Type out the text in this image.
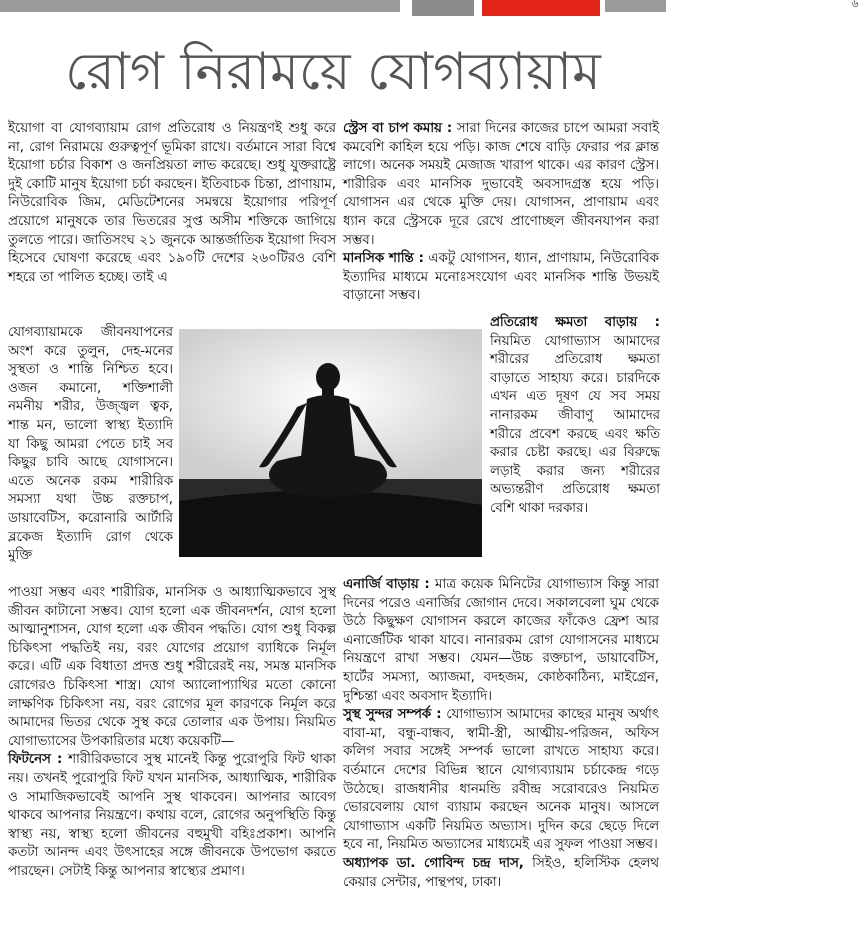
৬
রোগ নিরাময়ে যোগব্যায়াম

ইয়োগা বা যোগব্যায়াম রোগ প্রতিরোধ ও নিয়ন্ত্রণই শুধু করে না, রোগ নিরাময়ে গুরুত্বপূর্ণ ভূমিকা রাখে। বর্তমানে সারা বিশ্বে ইয়োগা চর্চার বিকাশ ও জনপ্রিয়তা লাভ করেছে। শুধু যুক্তরাষ্ট্রে দুই কোটি মানুষ ইয়োগা চর্চা করছেন। ইতিবাচক চিন্তা, প্রাণায়াম, নিউরোবিক জিম, মেডিটেশনের সমন্বয়ে ইয়োগার পরিপূর্ণ প্রয়োগে মানুষকে তার ভিতরের সুপ্ত অসীম শক্তিকে জাগিয়ে তুলতে পারে। জাতিসংঘ ২১ জুনকে আন্তর্জাতিক ইয়োগা দিবস হিসেবে ঘোষণা করেছে এবং ১৯০টি দেশের ২৬০টিরও বেশি শহরে তা পালিত হচ্ছে। তাই এ

যোগব্যায়ামকে জীবনযাপনের অংশ করে তুলুন, দেহ-মনের সুস্থতা ও শান্তি নিশ্চিত হবে। ওজন কমানো, শক্তিশালী নমনীয় শরীর, উজ্জ্বল ত্বক, শান্ত মন, ভালো স্বাস্থ্য ইত্যাদি যা কিছু আমরা পেতে চাই সব কিছুর চাবি আছে যোগাসনে। এতে অনেক রকম শারীরিক সমস্যা যথা উচ্চ রক্তচাপ, ডায়াবেটিস, করোনারি আর্টারি ব্লকেজ ইত্যাদি রোগ থেকে মুক্তি

পাওয়া সম্ভব এবং শারীরিক, মানসিক ও আধ্যাত্মিকভাবে সুস্থ জীবন কাটানো সম্ভব। যোগ হলো এক জীবনদর্শন, যোগ হলো আত্মানুশাসন, যোগ হলো এক জীবন পদ্ধতি। যোগ শুধু বিকল্প চিকিৎসা পদ্ধতিই নয়, বরং যোগের প্রয়োগ ব্যাধিকে নির্মূল করে। এটি এক বিধাতা প্রদত্ত শুধু শরীরেরই নয়, সমস্ত মানসিক রোগেরও চিকিৎসা শাস্ত্র। যোগ অ্যালোপ্যাথির মতো কোনো লাক্ষণিক চিকিৎসা নয়, বরং রোগের মূল কারণকে নির্মূল করে আমাদের ভিতর থেকে সুস্থ করে তোলার এক উপায়। নিয়মিত যোগাভ্যাসের উপকারিতার মধ্যে কয়েকটি—

ফিটনেস : শারীরিকভাবে সুস্থ মানেই কিন্তু পুরোপুরি ফিট থাকা নয়। তখনই পুরোপুরি ফিট যখন মানসিক, আধ্যাত্মিক, শারীরিক ও সামাজিকভাবেই আপনি সুস্থ থাকবেন। আপনার আবেগ থাকবে আপনার নিয়ন্ত্রণে। কথায় বলে, রোগের অনুপস্থিতি কিন্তু স্বাস্থ্য নয়, স্বাস্থ্য হলো জীবনের বহুমুখী বহিঃপ্রকাশ। আপনি কতটা আনন্দ এবং উৎসাহের সঙ্গে জীবনকে উপভোগ করতে পারছেন। সেটাই কিন্তু আপনার স্বাস্থ্যের প্রমাণ।

স্ট্রেস বা চাপ কমায় : সারা দিনের কাজের চাপে আমরা সবাই কমবেশি কাহিল হয়ে পড়ি। কাজ শেষে বাড়ি ফেরার পর ক্লান্ত লাগে। অনেক সময়ই মেজাজ খারাপ থাকে। এর কারণ স্ট্রেস। শারীরিক এবং মানসিক দুভাবেই অবসাদগ্রস্ত হয়ে পড়ি। যোগাসন এর থেকে মুক্তি দেয়। যোগাসন, প্রাণায়াম এবং ধ্যান করে স্ট্রেসকে দূরে রেখে প্রাণোচ্ছল জীবনযাপন করা সম্ভব।

মানসিক শান্তি : একটু যোগাসন, ধ্যান, প্রাণায়াম, নিউরোবিক ইত্যাদির মাধ্যমে মনোঃসংযোগ এবং মানসিক শান্তি উভয়ই বাড়ানো সম্ভব।

প্রতিরোধ ক্ষমতা বাড়ায় : নিয়মিত যোগাভ্যাস আমাদের শরীরের প্রতিরোধ ক্ষমতা বাড়াতে সাহায্য করে। চারদিকে এখন এত দূষণ যে সব সময় নানারকম জীবাণু আমাদের শরীরে প্রবেশ করছে এবং ক্ষতি করার চেষ্টা করছে। এর বিরুদ্ধে লড়াই করার জন্য শরীরের অভ্যন্তরীণ প্রতিরোধ ক্ষমতা বেশি থাকা দরকার।

এনার্জি বাড়ায় : মাত্র কয়েক মিনিটের যোগাভ্যাস কিন্তু সারা দিনের পরেও এনার্জির জোগান দেবে। সকালবেলা ঘুম থেকে উঠে কিছুক্ষণ যোগাসন করলে কাজের ফাঁকেও ফ্রেশ আর এনার্জেটিক থাকা যাবে। নানারকম রোগ যোগাসনের মাধ্যমে নিয়ন্ত্রণে রাখা সম্ভব। যেমন—উচ্চ রক্তচাপ, ডায়াবেটিস, হার্টের সমস্যা, অ্যাজমা, বদহজম, কোষ্ঠকাঠিন্য, মাইগ্রেন, দুশ্চিন্তা এবং অবসাদ ইত্যাদি।

সুস্থ সুন্দর সম্পর্ক : যোগাভ্যাস আমাদের কাছের মানুষ অর্থাৎ বাবা-মা, বন্ধু-বান্ধব, স্বামী-স্ত্রী, আত্মীয়-পরিজন, অফিস কলিগ সবার সঙ্গেই সম্পর্ক ভালো রাখতে সাহায্য করে। বর্তমানে দেশের বিভিন্ন স্থানে যোগ্যব্যায়াম চর্চাকেন্দ্র গড়ে উঠেছে। রাজধানীর ধানমন্ডি রবীন্দ্র সরোবরেও নিয়মিত ভোরবেলায় যোগ ব্যায়াম করছেন অনেক মানুষ। আসলে যোগাভ্যাস একটি নিয়মিত অভ্যাস। দুদিন করে ছেড়ে দিলে হবে না, নিয়মিত অভ্যাসের মাধ্যমেই এর সুফল পাওয়া সম্ভব।

অধ্যাপক ডা. গোবিন্দ চন্দ্র দাস, সিইও, হলিস্টিক হেলথ কেয়ার সেন্টার, পান্থপথ, ঢাকা।
